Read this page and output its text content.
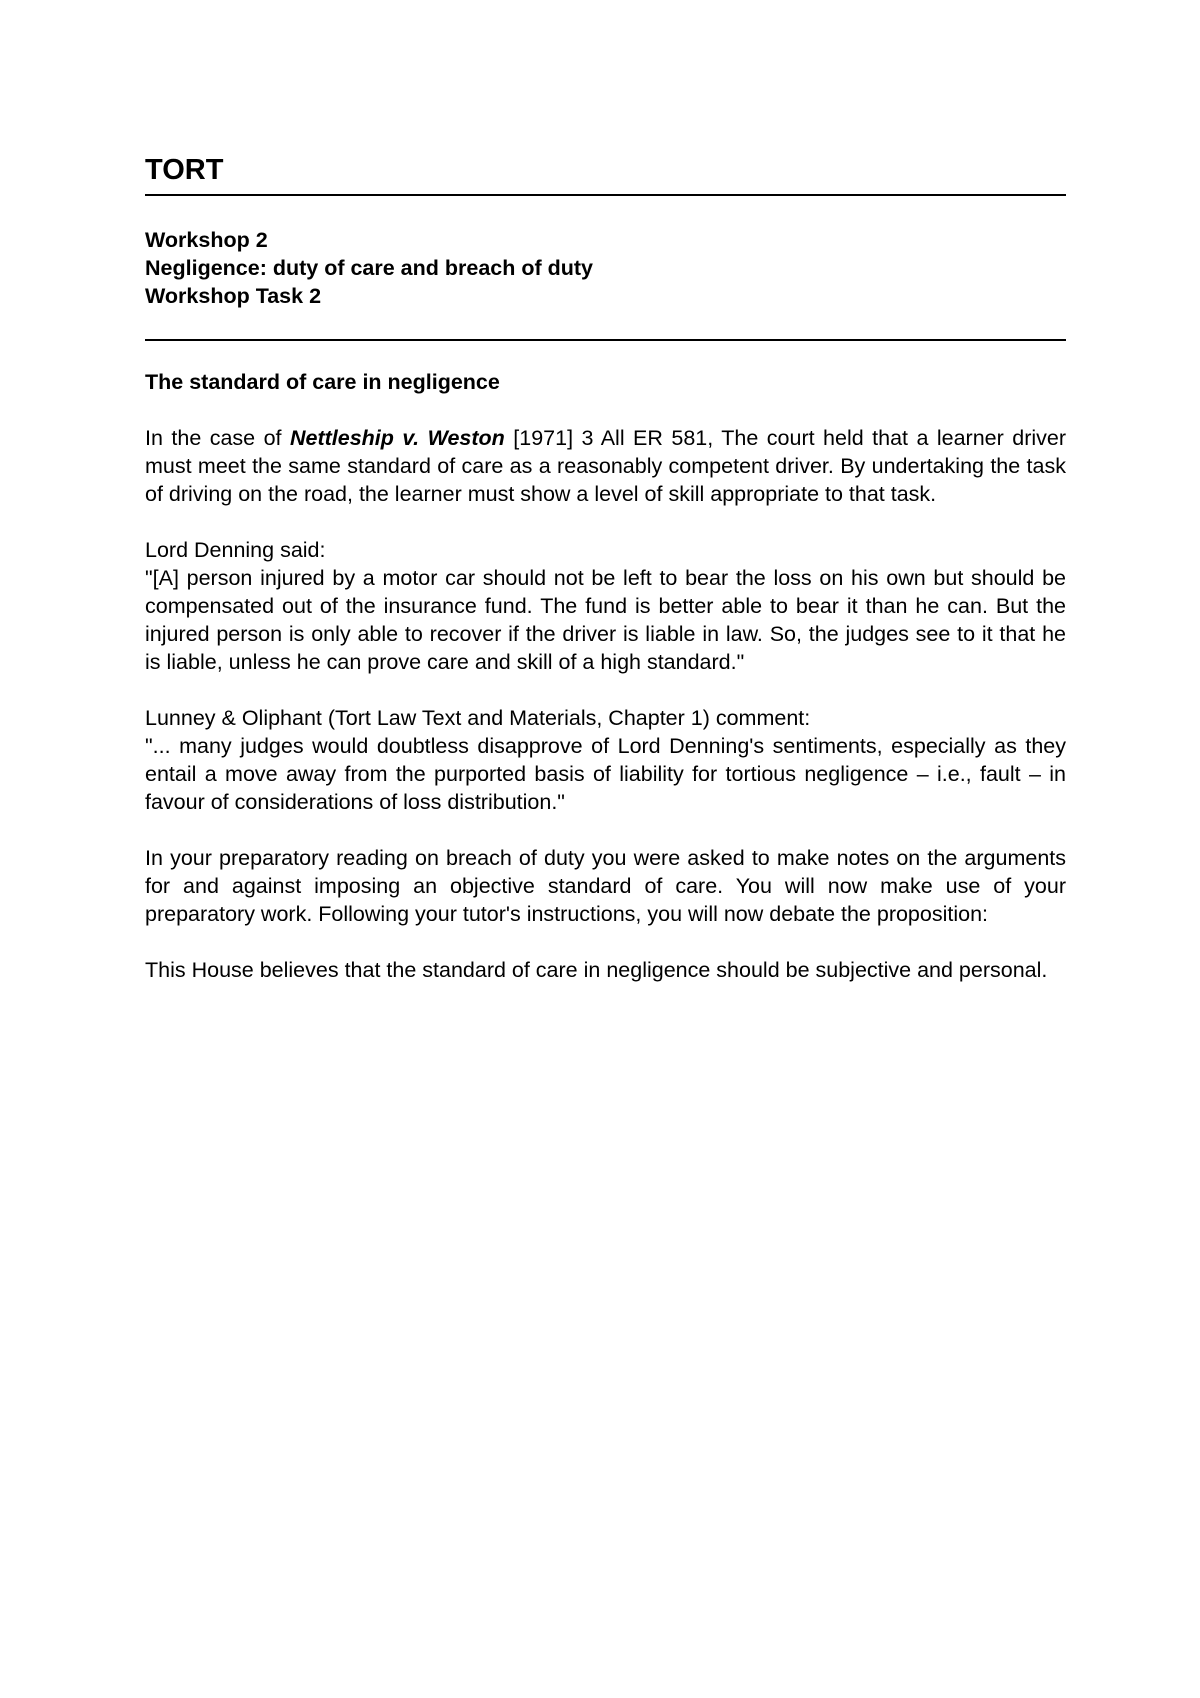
TORT
Workshop 2
Negligence: duty of care and breach of duty
Workshop Task 2
The standard of care in negligence

In the case of Nettleship v. Weston [1971] 3 All ER 581, The court held that a learner driver must meet the same standard of care as a reasonably competent driver. By undertaking the task of driving on the road, the learner must show a level of skill appropriate to that task.

Lord Denning said:

"[A] person injured by a motor car should not be left to bear the loss on his own but should be compensated out of the insurance fund. The fund is better able to bear it than he can. But the injured person is only able to recover if the driver is liable in law. So, the judges see to it that he is liable, unless he can prove care and skill of a high standard."

Lunney & Oliphant (Tort Law Text and Materials, Chapter 1) comment:

"... many judges would doubtless disapprove of Lord Denning's sentiments, especially as they entail a move away from the purported basis of liability for tortious negligence – i.e., fault – in favour of considerations of loss distribution."

In your preparatory reading on breach of duty you were asked to make notes on the arguments for and against imposing an objective standard of care. You will now make use of your preparatory work. Following your tutor's instructions, you will now debate the proposition:

This House believes that the standard of care in negligence should be subjective and personal.
